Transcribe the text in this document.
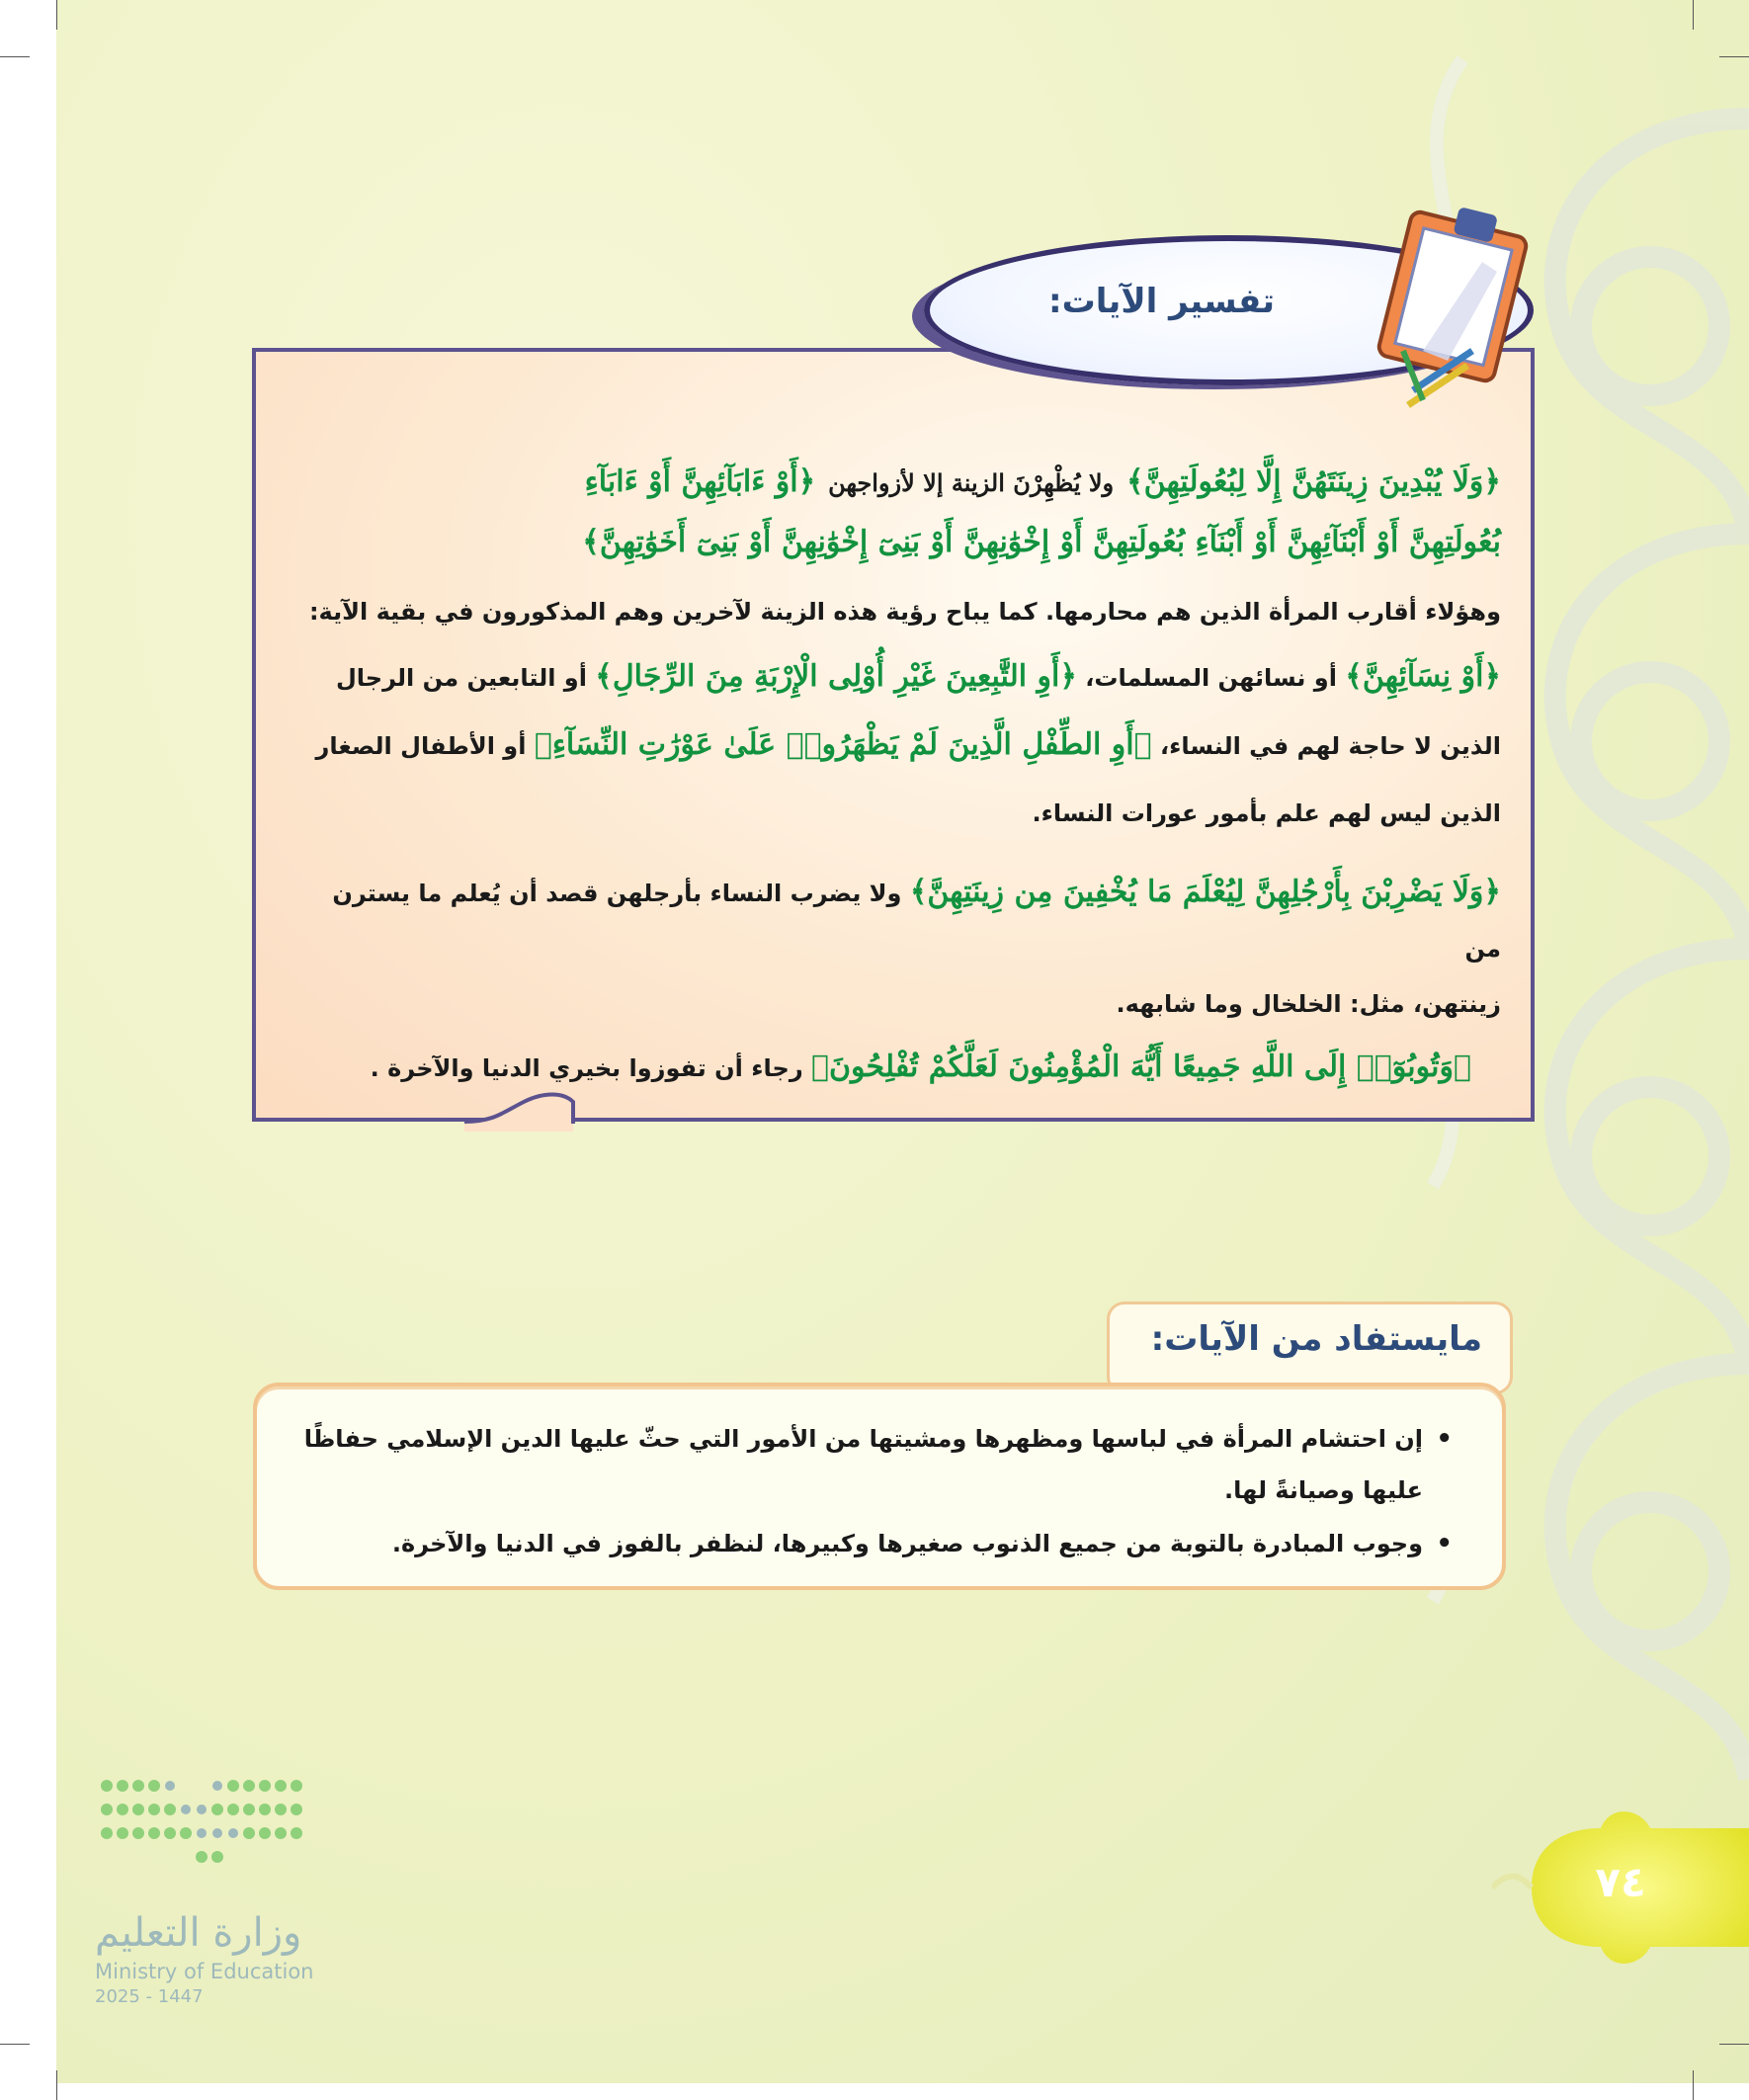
﴿وَلَا يُبْدِينَ زِينَتَهُنَّ إِلَّا لِبُعُولَتِهِنَّ﴾ ولا يُظْهِرْنَ الزينة إلا لأزواجهن ﴿أَوْ ءَابَآئِهِنَّ أَوْ ءَابَآءِ
بُعُولَتِهِنَّ أَوْ أَبْنَآئِهِنَّ أَوْ أَبْنَآءِ بُعُولَتِهِنَّ أَوْ إِخْوَٰنِهِنَّ أَوْ بَنِىٓ إِخْوَٰنِهِنَّ أَوْ بَنِىٓ أَخَوَٰتِهِنَّ﴾
وهؤلاء أقارب المرأة الذين هم محارمها. كما يباح رؤية هذه الزينة لآخرين وهم المذكورون في بقية الآية:
﴿أَوْ نِسَآئِهِنَّ﴾ أو نسائهن المسلمات، ﴿أَوِ التَّٰبِعِينَ غَيْرِ أُوْلِى الْإِرْبَةِ مِنَ الرِّجَالِ﴾ أو التابعين من الرجال
الذين لا حاجة لهم في النساء، ﴿أَوِ الطِّفْلِ الَّذِينَ لَمْ يَظْهَرُوا۟ عَلَىٰ عَوْرَٰتِ النِّسَآءِ﴾ أو الأطفال الصغار
الذين ليس لهم علم بأمور عورات النساء.
﴿وَلَا يَضْرِبْنَ بِأَرْجُلِهِنَّ لِيُعْلَمَ مَا يُخْفِينَ مِن زِينَتِهِنَّ﴾ ولا يضرب النساء بأرجلهن قصد أن يُعلم ما يسترن من
زينتهن، مثل: الخلخال وما شابهه.
﴿وَتُوبُوٓا۟ إِلَى اللَّهِ جَمِيعًا أَيُّهَ الْمُؤْمِنُونَ لَعَلَّكُمْ تُفْلِحُونَ﴾ رجاء أن تفوزوا بخيري الدنيا والآخرة .
تفسير الآيات:
مايستفاد من الآيات:
•
إن احتشام المرأة في لباسها ومظهرها ومشيتها من الأمور التي حثّ عليها الدين الإسلامي حفاظًا عليها وصيانةً لها.
•
وجوب المبادرة بالتوبة من جميع الذنوب صغيرها وكبيرها، لنظفر بالفوز في الدنيا والآخرة.
٧٤
وزارة التعليم
Ministry of Education
2025 - 1447
